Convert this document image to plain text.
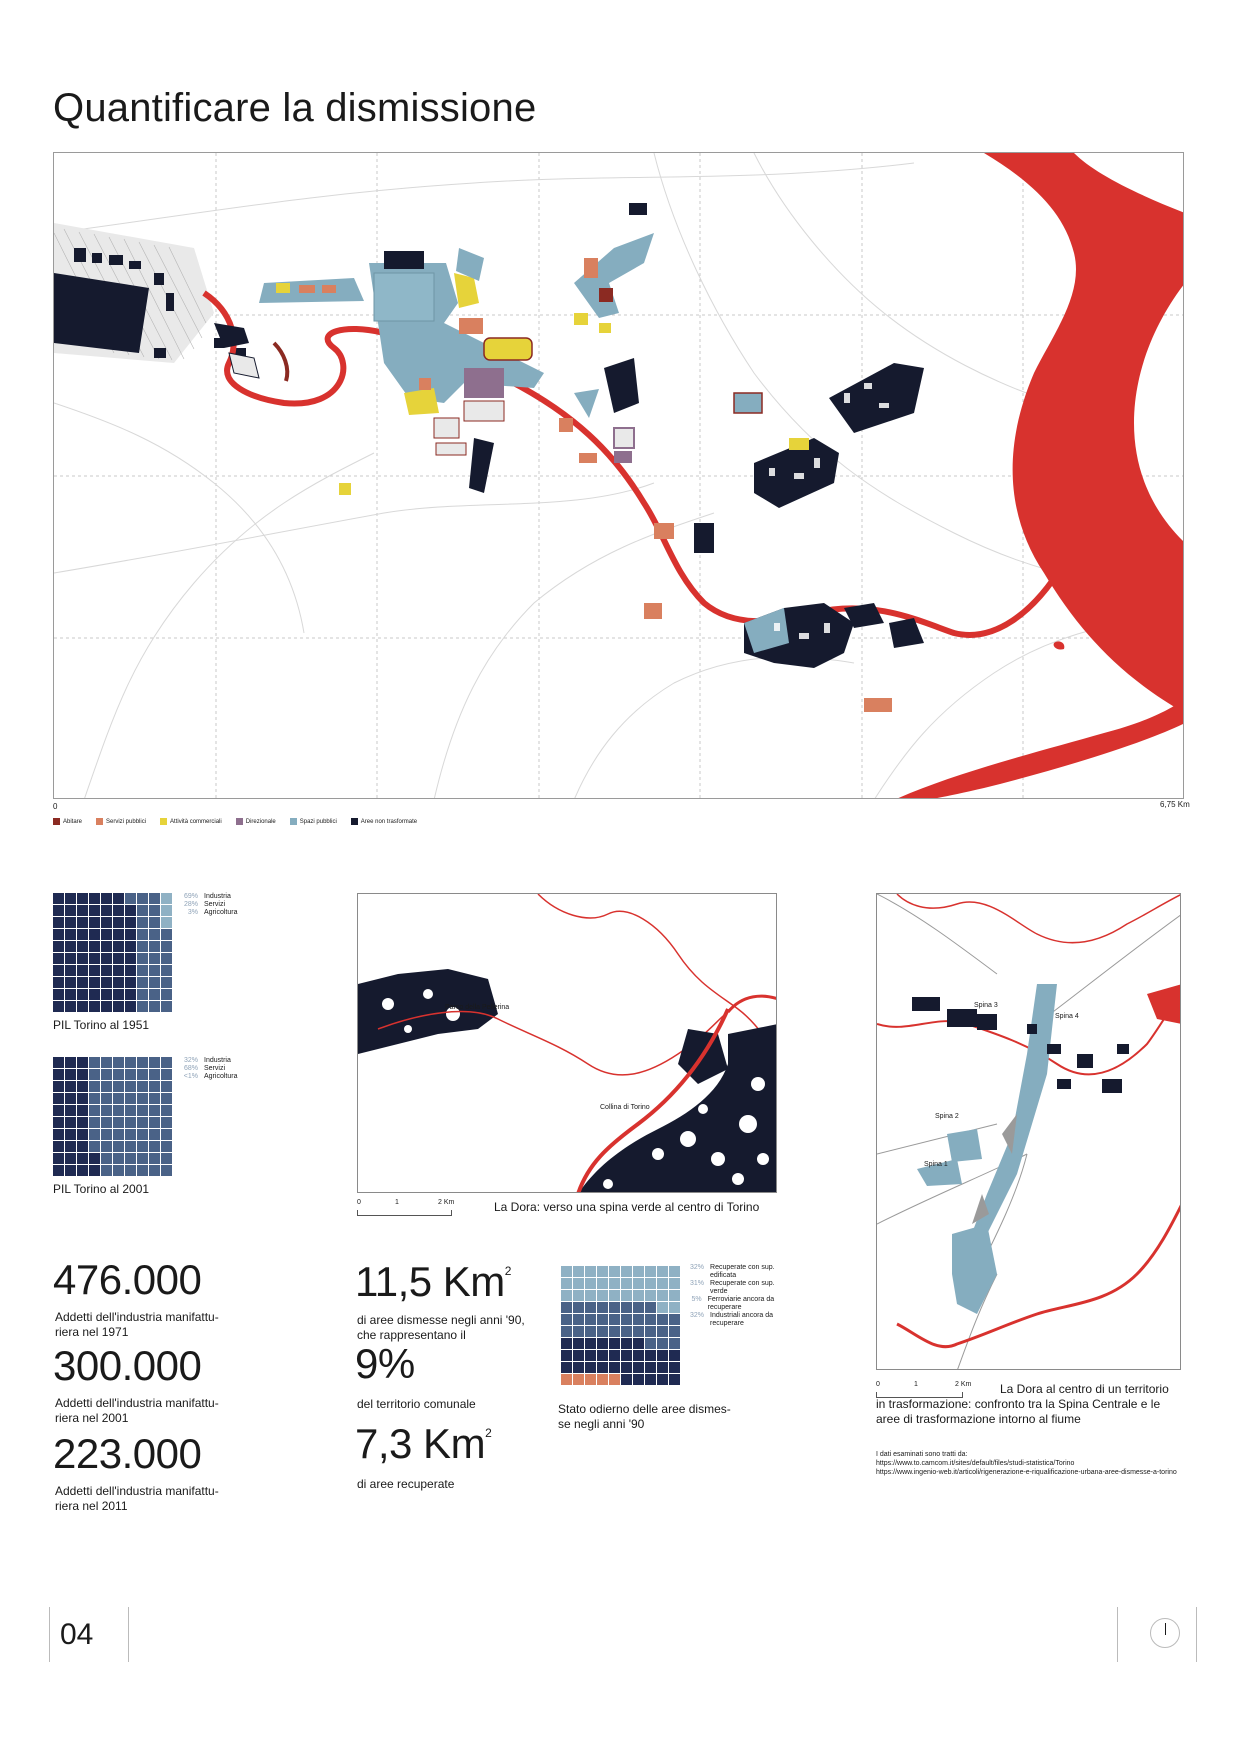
Quantificare la dismissione
0	6,75 Km
Abitare	Servizi pubblici	Attività commerciali	Direzionale	Spazi pubblici	Aree non trasformate
69% Industria
28% Servizi
3% Agricoltura
PIL Torino al 1951
32% Industria
68% Servizi
<1% Agricoltura
PIL Torino al 2001
476.000
Addetti dell'industria manifattu-
riera nel 1971
300.000
Addetti dell'industria manifattu-
riera nel 2001
223.000
Addetti dell'industria manifattu-
riera nel 2011
Parco della Pellerina
Collina di Torino
0	1	2 Km	La Dora: verso una spina verde al centro di Torino
11,5 Km$^2$
di aree dismesse negli anni '90,
che rappresentano il
9%
del territorio comunale
7,3 Km$^2$
di aree recuperate
32% Recuperate con sup. edificata
31% Recuperate con sup. verde
5% Ferroviarie ancora da recuperare
32% Industriali ancora da recuperare
Stato odierno delle aree dismes-
se negli anni '90
Spina 3
Spina 4
Spina 2
Spina 1
0	1	2 Km	La Dora al centro di un territorio
in trasformazione: confronto tra la Spina Centrale e le
aree di trasformazione intorno al fiume
I dati esaminati sono tratti da:
https://www.to.camcom.it/sites/default/files/studi-statistica/Torino
https://www.ingenio-web.it/articoli/rigenerazione-e-riqualificazione-urbana-aree-dismesse-a-torino
04
